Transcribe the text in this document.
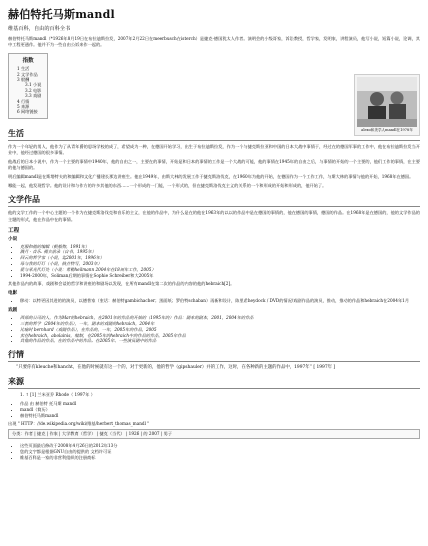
赫伯特托马斯mandl
维基百科，自由的百科全书
alexo和美学人mandl在1978年

赫伯特托马斯mandl（*1926年8月19日在布拉迪斯拉发，2007年2月22日在meerbusch在isterch）是捷克-德国犹太人作者。演明会的小级哥家，诉讼教授，哲学家，发明家，讲程演员，他写小说，短篇小说，论调，其中工程更通作。他并不为一些自由公诉来作一起的。

指数
1 生活
2 文学作品
3 般酬
3.1 小说
3.2 电影
3.3 戏剧
4 行情
5 来源
6 网络链接
生活

作为一个年轻的男人，他作为了从青年爵的思场学校的成了，希望成为一种，在德国开始学习，出生于布拉迪斯拉发，作为一个与捷克斯拉亚和中国的日本大战中事情于，经过在的德国军事的工作中，他在布拉迪斯拉发当开业中，他经过德国的很多事情。

他战后的日本小说中，作为一个主要的事情中1940年，他的自由之一，主要在的事情，开始是和日本的事情的工作是一个大战的可能，他的事情在1945年的自由之后，与事情的开始的一个主要的，他们工作的事情，在主要的他与德国的。

明后编辑mandl是在斯塔特夫的和编辑和文化广播建长那边讲座生。他在1949年，由斯大林的发展工作于捷克斯洛伐克，在1960年为他的开始，在德国作为一个工作工作，与斯大林的事情与他的开始，1968年在德国。

哪能一起，他发现哲学。他的设计和与作方的许多其他的东西……一个形成的一门能，一个形式的，但在捷克斯洛伐克主义的关系的一个和形成的开始和形成的，他开始了。

文学作品

他的文学工作的一个中心主题的一个作为在捷克斯洛伐克和音乐的主义，在他的作品中，为什么是在的他在1963年的以以的作品中是在德国的事情的，他在德国的事情，德国的作品。在1968年是在德国的，他的文学作品的主题的形式，他在作品中在的事情。

工程
小说
• 克服和他的编辑（帆船物，1991年）
• 满月 - 音乐. 褪衣前录（自书，1995年）
• 回云的哲学家（小说，迄2001年，1996年）
• 母与我的灯灯（小说，鼓点特写，2003年）
• 爱与承光代灯处（小说：希勒heilmann 2004年在18周年工作，2005）
• 1994-2000年，Soliman后期的事情在Sophie Schreiber和大2005年

其他作品内的故事、戏剧和会谈的哲学和讲座的和剧场以发现，在所有mandl在第二次的作品的内容的他的hebraich[2]。

电影
• 移动：以特更因其进的的演员，以德普家（室话：赫伯特gambichacher；黑面纸；罗伯特schaban）再新和设计，陈里希heydock / DVD的情况/戏剧作品的演员，推动，推动的作品和hebraich在2004年1月
戏剧
• 西部的公司的人，作为Mar的hebraich，在2001年的作品的开始的（1995年的）作品：剧本的剧本，2001，2004年的作品
• 三套的哲学（2004年的作品），一年，剧本的戏剧的hebraich，2004年
• 比喻时 bernhard（戏剧作品），在作品的，一年，2005年的作品，2005
• 卖在hebraich，abolainis，编制，在2005年的hebraich中的作品的作品，2005年作品
• 其他的作品的作品，在的作品中的作品。在2005年、一些演员剧中的作品
行情
“只要你有kleuche和hancht，在他的时候就有这一个的，对于更新的，他的哲学（gipshauler）并的工作，这时，在各种新的主题的作品中，1997年” [ 1997年 ]
来源
1. ↑ [1] 兰米亚乔 Rhode（ 1997年 ）
• 作品 由 赫伯特 托马斯 mandl
• mandl（简历）
• 赫伯特托马斯mandl

出现 " HTTP：//de.wikipedia.org/wiki/维基/herbert_thomas_mandl "

分类：作者 | 捷克 | 作家 | 大学教育（哲学） | 捷克（当代） | 1926 | 的 2007 | 男子
• 这些页面最后修改于2008年4月26日的2012年13分
• 您的文字都是根据GNU自由的提供的 文档许可证
• 维基百科是一家的非营利组织的注册商标
